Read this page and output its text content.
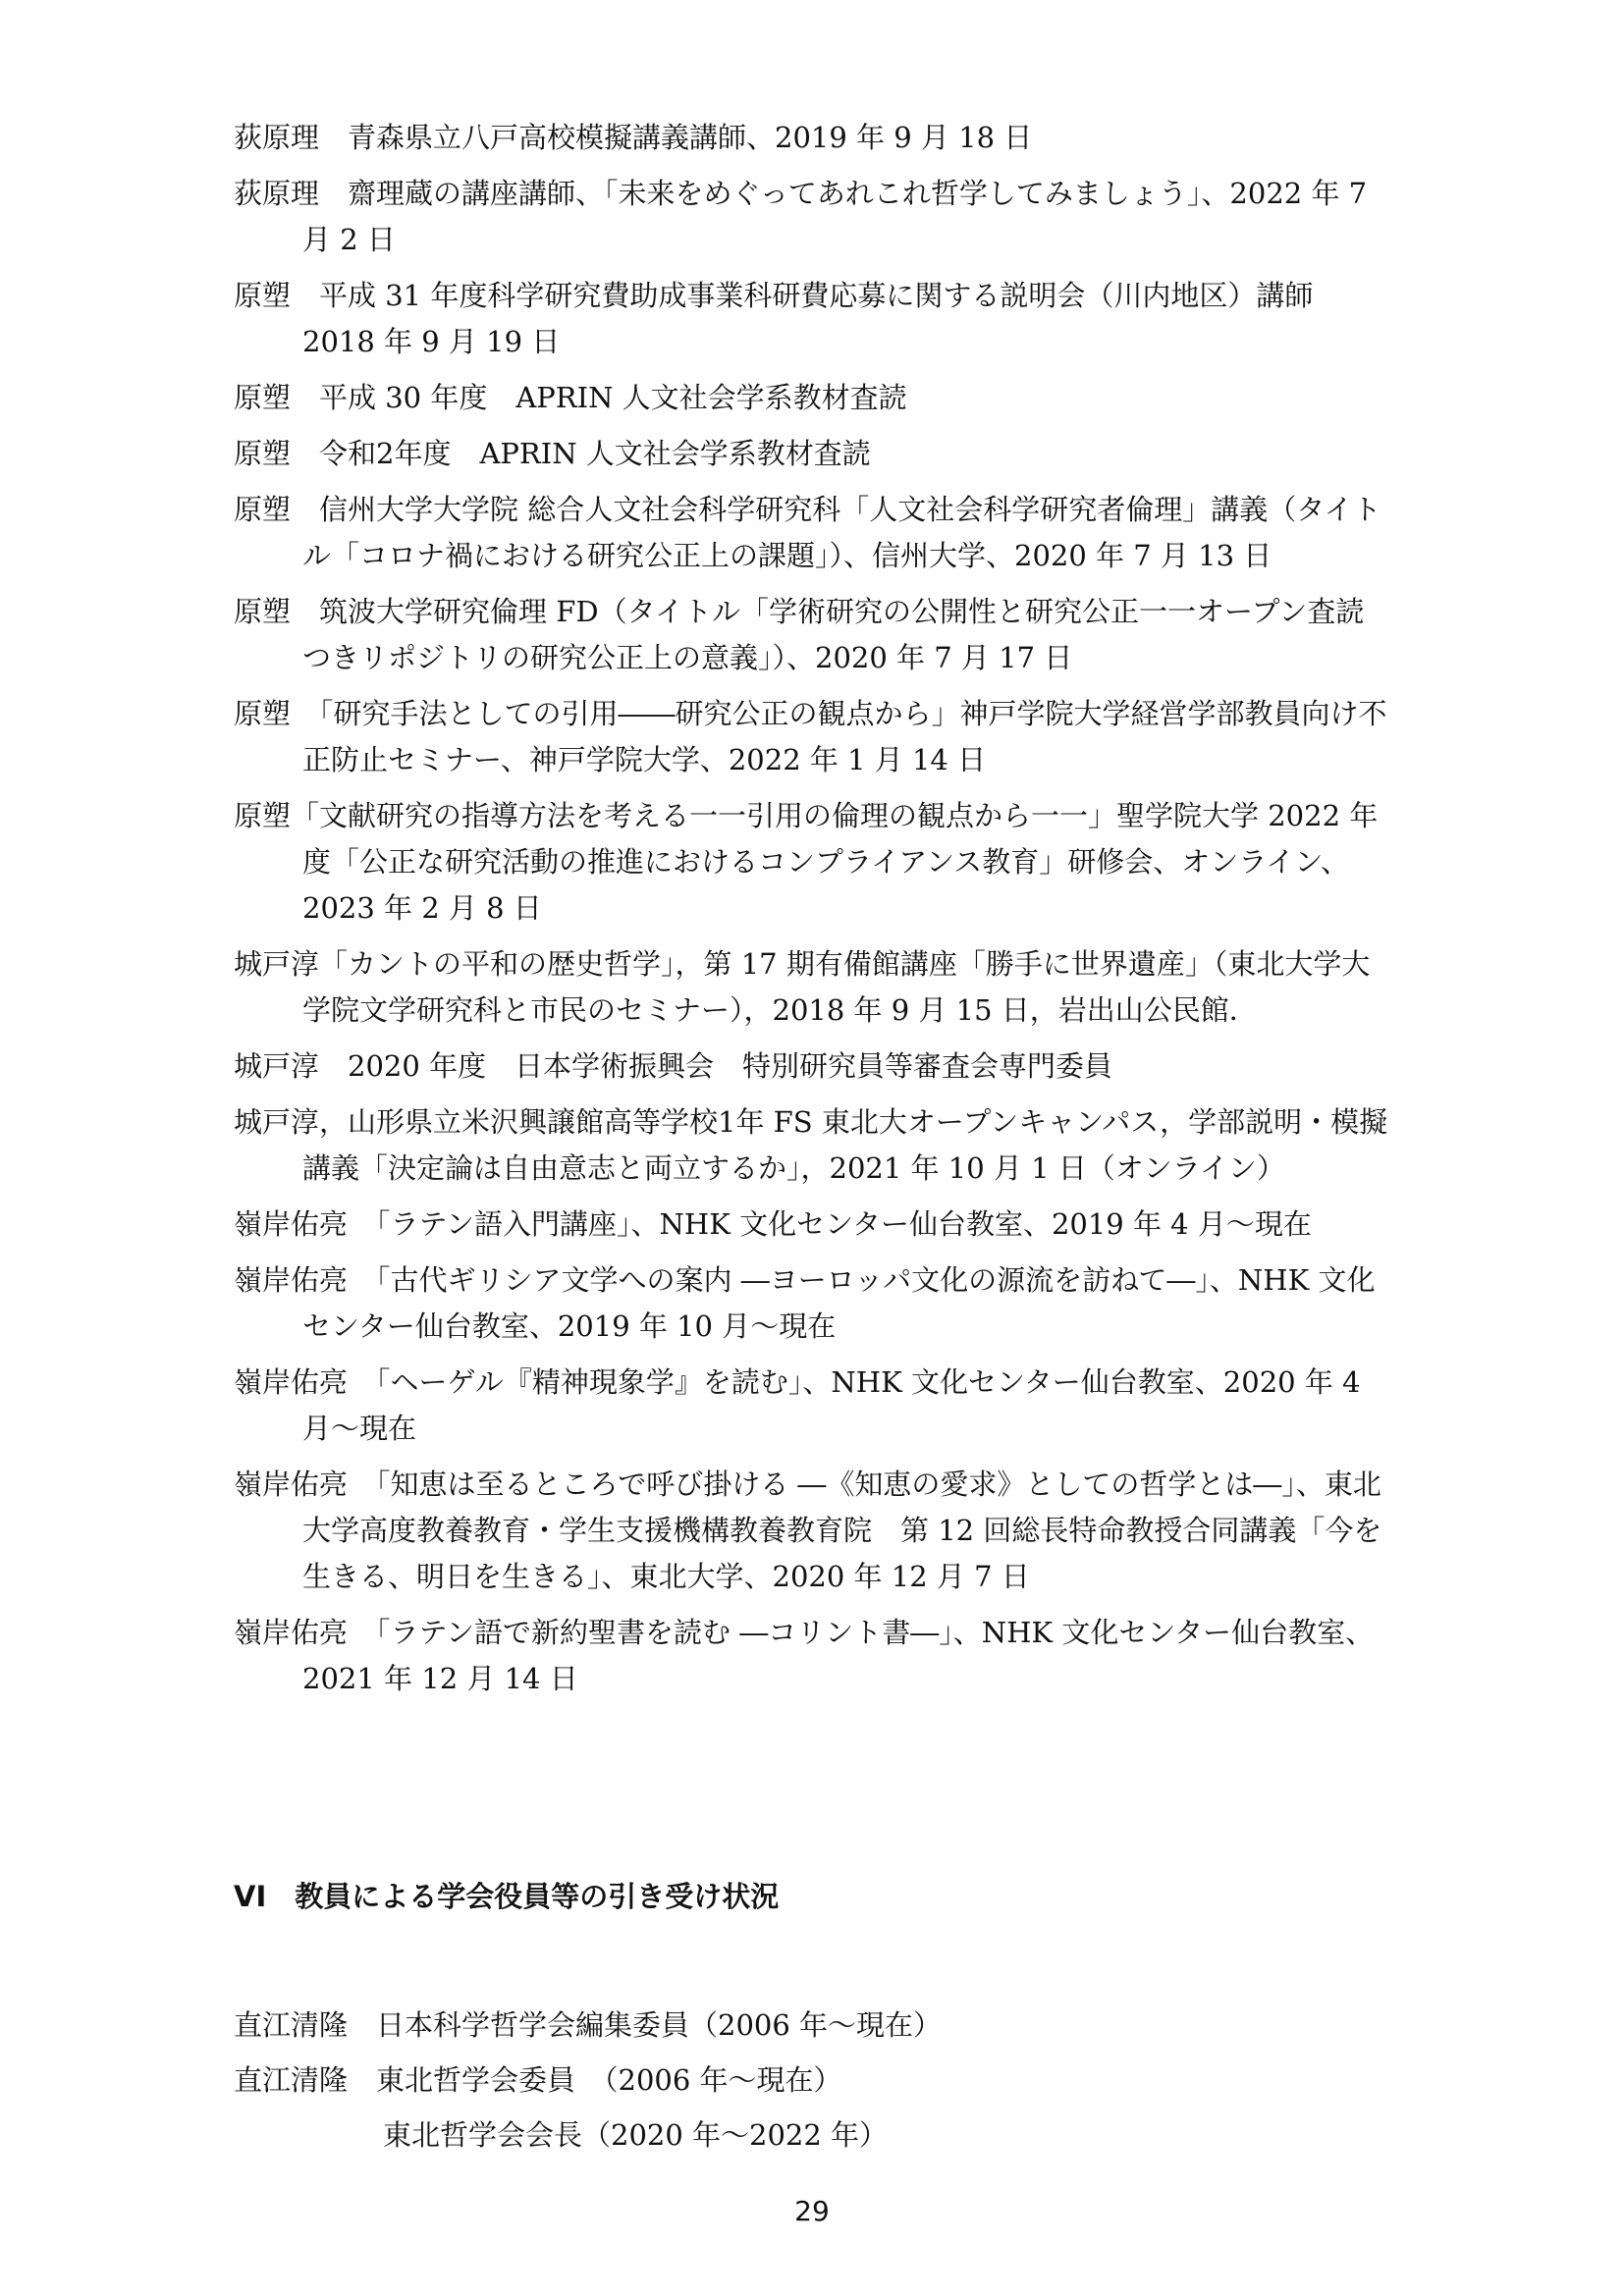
荻原理　青森県立八戸高校模擬講義講師、2019 年 9 月 18 日

荻原理　齋理蔵の講座講師、「未来をめぐってあれこれ哲学してみましょう」、2022 年 7 月 2 日

原塑　平成 31 年度科学研究費助成事業科研費応募に関する説明会（川内地区）講師　2018 年 9 月 19 日

原塑　平成 30 年度　APRIN 人文社会学系教材査読

原塑　令和2年度　APRIN 人文社会学系教材査読

原塑　信州大学大学院 総合人文社会科学研究科「人文社会科学研究者倫理」講義（タイトル「コロナ禍における研究公正上の課題」）、信州大学、2020 年 7 月 13 日

原塑　筑波大学研究倫理 FD（タイトル「学術研究の公開性と研究公正一一オープン査読つきリポジトリの研究公正上の意義」）、2020 年 7 月 17 日

原塑　「研究手法としての引用――研究公正の観点から」神戸学院大学経営学部教員向け不正防止セミナー、神戸学院大学、2022 年 1 月 14 日

原塑「文献研究の指導方法を考える一一引用の倫理の観点から一一」聖学院大学 2022 年度「公正な研究活動の推進におけるコンプライアンス教育」研修会、オンライン、2023 年 2 月 8 日

城戸淳「カントの平和の歴史哲学」，第 17 期有備館講座「勝手に世界遺産」（東北大学大学院文学研究科と市民のセミナー），2018 年 9 月 15 日，岩出山公民館．

城戸淳　2020 年度　日本学術振興会　特別研究員等審査会専門委員

城戸淳，山形県立米沢興譲館高等学校1年 FS 東北大オープンキャンパス，学部説明・模擬講義「決定論は自由意志と両立するか」，2021 年 10 月 1 日（オンライン）

嶺岸佑亮　「ラテン語入門講座」、NHK 文化センター仙台教室、2019 年 4 月～現在

嶺岸佑亮　「古代ギリシア文学への案内 ―ヨーロッパ文化の源流を訪ねて―」、NHK 文化センター仙台教室、2019 年 10 月～現在

嶺岸佑亮　「ヘーゲル『精神現象学』を読む」、NHK 文化センター仙台教室、2020 年 4 月～現在

嶺岸佑亮　「知恵は至るところで呼び掛ける ―《知恵の愛求》としての哲学とは―」、東北大学高度教養教育・学生支援機構教養教育院　第 12 回総長特命教授合同講義「今を生きる、明日を生きる」、東北大学、2020 年 12 月 7 日

嶺岸佑亮　「ラテン語で新約聖書を読む ―コリント書―」、NHK 文化センター仙台教室、2021 年 12 月 14 日

VI　教員による学会役員等の引き受け状況

直江清隆　日本科学哲学会編集委員（2006 年～現在）

直江清隆　東北哲学会委員　（2006 年～現在）

東北哲学会会長（2020 年～2022 年）

29
